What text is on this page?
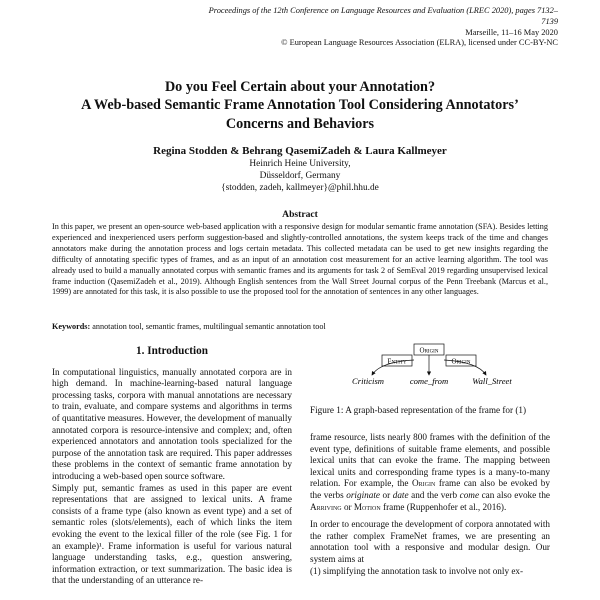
Proceedings of the 12th Conference on Language Resources and Evaluation (LREC 2020), pages 7132–7139
Marseille, 11–16 May 2020
© European Language Resources Association (ELRA), licensed under CC-BY-NC
Do you Feel Certain about your Annotation?
A Web-based Semantic Frame Annotation Tool Considering Annotators’
Concerns and Behaviors
Regina Stodden & Behrang QasemiZadeh & Laura Kallmeyer
Heinrich Heine University,
Düsseldorf, Germany
{stodden, zadeh, kallmeyer}@phil.hhu.de
Abstract
In this paper, we present an open-source web-based application with a responsive design for modular semantic frame annotation (SFA). Besides letting experienced and inexperienced users perform suggestion-based and slightly-controlled annotations, the system keeps track of the time and changes annotators make during the annotation process and logs certain metadata. This collected metadata can be used to get new insights regarding the difficulty of annotating specific types of frames, and as an input of an annotation cost measurement for an active learning algorithm. The tool was already used to build a manually annotated corpus with semantic frames and its arguments for task 2 of SemEval 2019 regarding unsupervised lexical frame induction (QasemiZadeh et al., 2019). Although English sentences from the Wall Street Journal corpus of the Penn Treebank (Marcus et al., 1999) are annotated for this task, it is also possible to use the proposed tool for the annotation of sentences in any other languages.
Keywords: annotation tool, semantic frames, multilingual semantic annotation tool
1. Introduction

In computational linguistics, manually annotated corpora are in high demand. In machine-learning-based natural language processing tasks, corpora with manual annotations are necessary to train, evaluate, and compare systems and algorithms in terms of quantitative measures. However, the development of manually annotated corpora is resource-intensive and complex; and, often experienced annotators and annotation tools specialized for the purpose of the annotation task are required. This paper addresses these problems in the context of semantic frame annotation by introducing a web-based open source software.

Simply put, semantic frames as used in this paper are event representations that are assigned to lexical units. A frame consists of a frame type (also known as event type) and a set of semantic roles (slots/elements), each of which links the item evoking the event to the lexical filler of the role (see Fig. 1 for an example)¹. Frame information is useful for various natural language understanding tasks, e.g., question answering, information extraction, or text summarization. The basic idea is that the understanding of an utterance re-

Origin
Entity	Origin
Criticism	come_from	Wall_Street
Figure 1: A graph-based representation of the frame for (1)

frame resource, lists nearly 800 frames with the definition of the event type, definitions of suitable frame elements, and possible lexical units that can evoke the frame. The mapping between lexical units and corresponding frame types is a many-to-many relation. For example, the Origin frame can also be evoked by the verbs originate or date and the verb come can also evoke the Arriving or Motion frame (Ruppenhofer et al., 2016).

In order to encourage the development of corpora annotated with the rather complex FrameNet frames, we are presenting an annotation tool with a responsive and modular design. Our system aims at

(1) simplifying the annotation task to involve not only ex-
